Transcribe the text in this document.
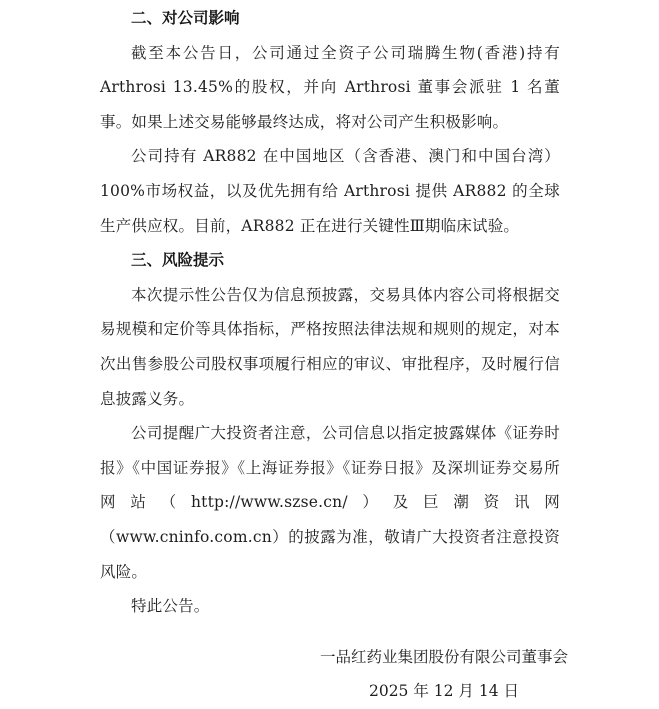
二、对公司影响

截至本公告日，公司通过全资子公司瑞腾生物(香港)持有 Arthrosi 13.45%的股权，并向 Arthrosi 董事会派驻 1 名董事。如果上述交易能够最终达成，将对公司产生积极影响。

公司持有 AR882 在中国地区（含香港、澳门和中国台湾）100%市场权益，以及优先拥有给 Arthrosi 提供 AR882 的全球生产供应权。目前，AR882 正在进行关键性Ⅲ期临床试验。

三、风险提示

本次提示性公告仅为信息预披露，交易具体内容公司将根据交易规模和定价等具体指标，严格按照法律法规和规则的规定，对本次出售参股公司股权事项履行相应的审议、审批程序，及时履行信息披露义务。

公司提醒广大投资者注意，公司信息以指定披露媒体《证券时报》《中国证券报》《上海证券报》《证券日报》及深圳证券交易所网站（http://www.szse.cn/）及巨潮资讯网（www.cninfo.com.cn）的披露为准，敬请广大投资者注意投资风险。

特此公告。

一品红药业集团股份有限公司董事会
2025 年 12 月 14 日
